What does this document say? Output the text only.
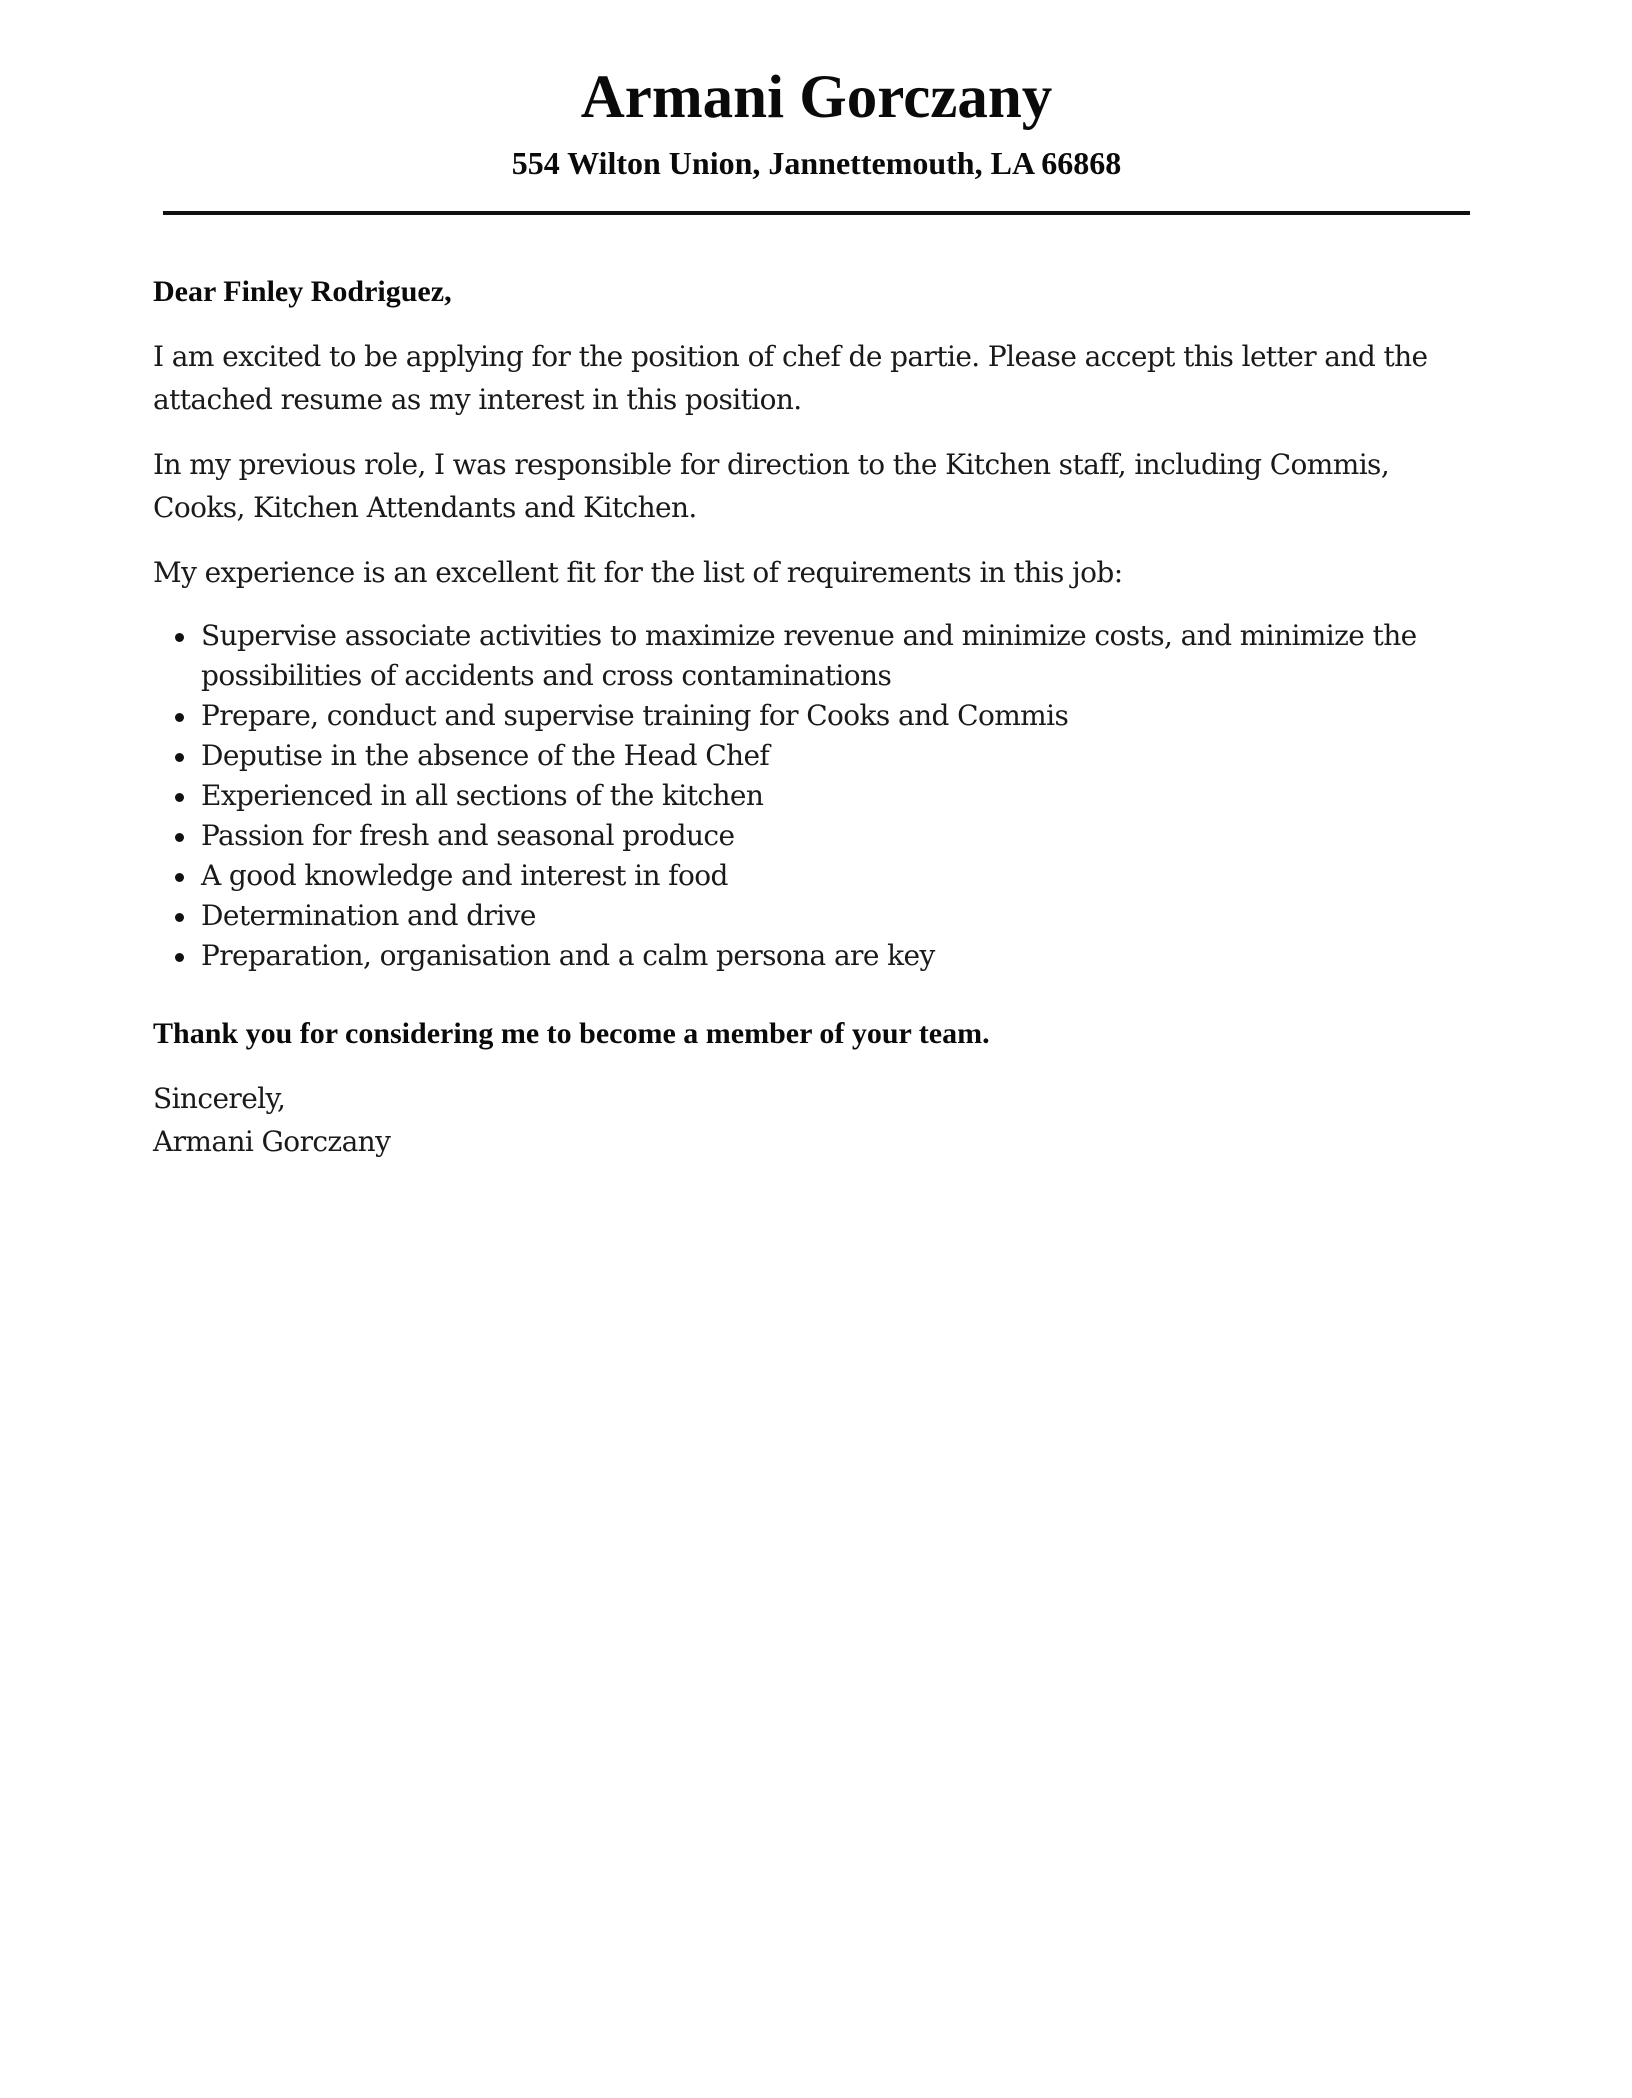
Armani Gorczany
554 Wilton Union, Jannettemouth, LA 66868

Dear Finley Rodriguez,

I am excited to be applying for the position of chef de partie. Please accept this letter and the attached resume as my interest in this position.

In my previous role, I was responsible for direction to the Kitchen staff, including Commis, Cooks, Kitchen Attendants and Kitchen.

My experience is an excellent fit for the list of requirements in this job:

Supervise associate activities to maximize revenue and minimize costs, and minimize the possibilities of accidents and cross contaminations
Prepare, conduct and supervise training for Cooks and Commis
Deputise in the absence of the Head Chef
Experienced in all sections of the kitchen
Passion for fresh and seasonal produce
A good knowledge and interest in food
Determination and drive
Preparation, organisation and a calm persona are key

Thank you for considering me to become a member of your team.

Sincerely,

Armani Gorczany
